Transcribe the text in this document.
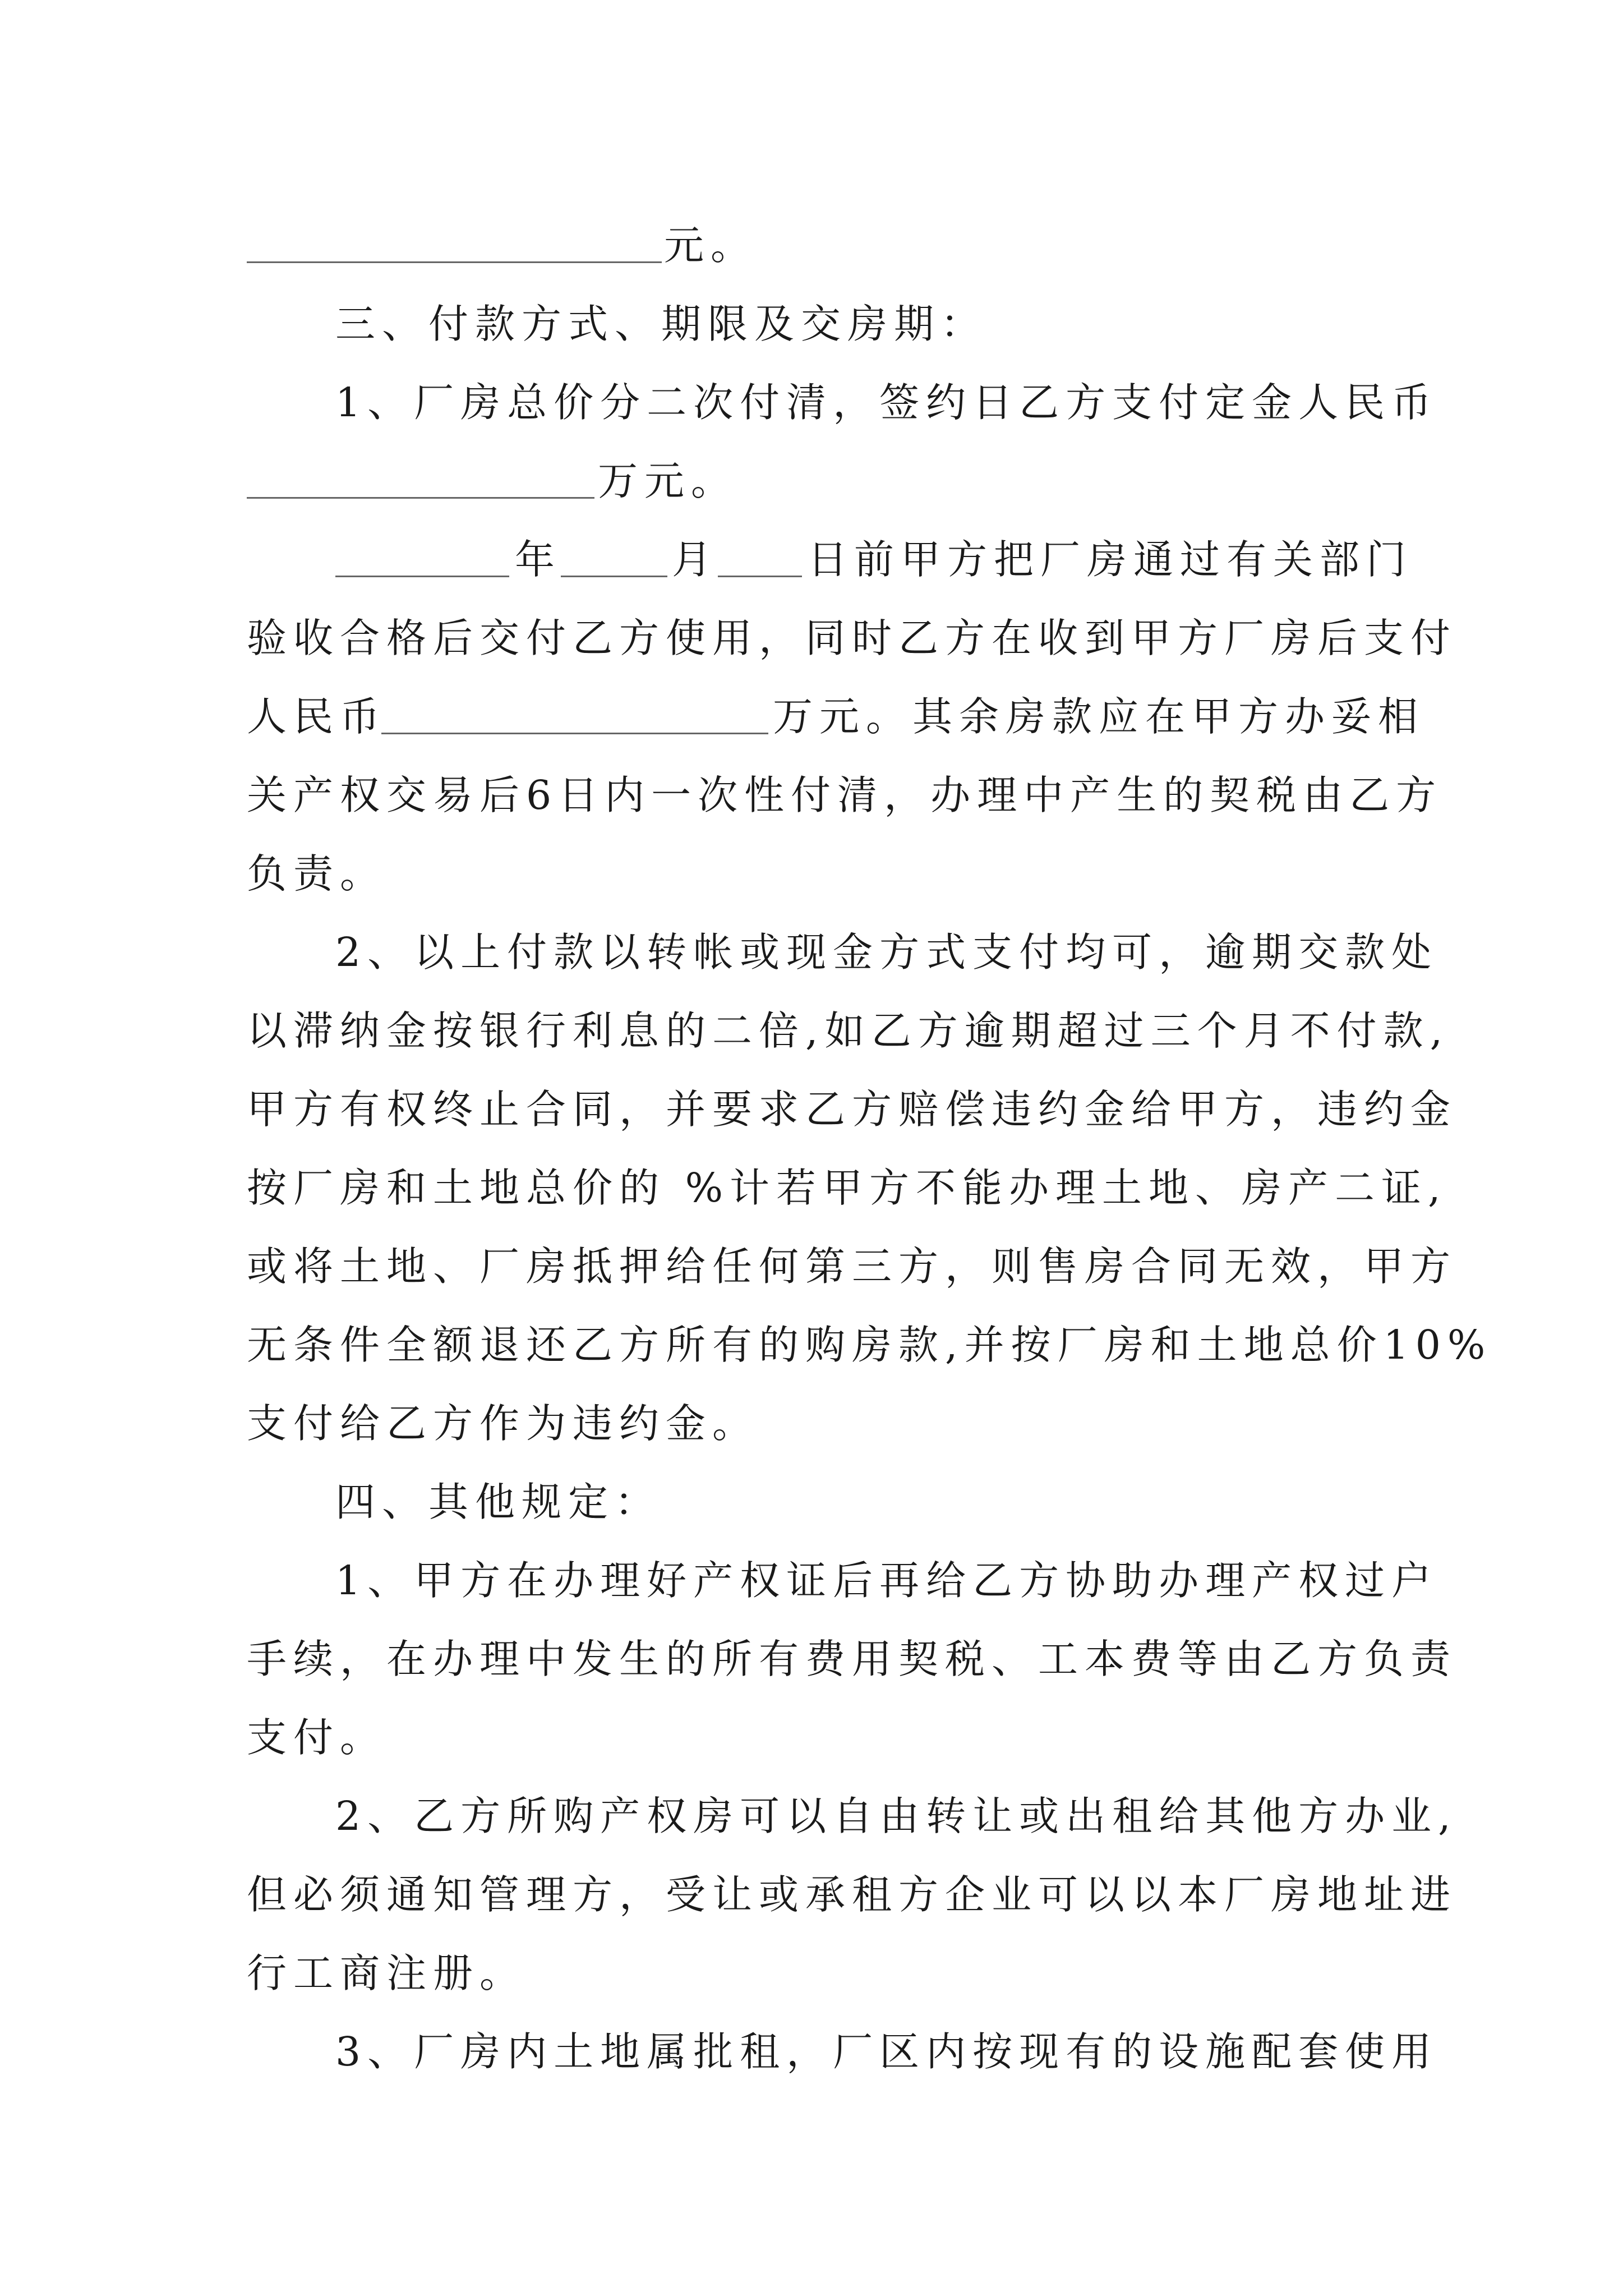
元。
三、付款方式、期限及交房期：
1、厂房总价分二次付清，签约日乙方支付定金人民币
万元。
年	月 日前甲方把厂房通过有关部门
验收合格后交付乙方使用，同时乙方在收到甲方厂房后支付
人民币	万元。其余房款应在甲方办妥相
关产权交易后6日内一次性付清，办理中产生的契税由乙方
负责。
2、以上付款以转帐或现金方式支付均可，逾期交款处
以滞纳金按银行利息的二倍,如乙方逾期超过三个月不付款,
甲方有权终止合同，并要求乙方赔偿违约金给甲方，违约金
按厂房和土地总价的 %计若甲方不能办理土地、房产二证,
或将土地、厂房抵押给任何第三方，则售房合同无效，甲方
无条件全额退还乙方所有的购房款,并按厂房和土地总价10%
支付给乙方作为违约金。
四、其他规定：
1、甲方在办理好产权证后再给乙方协助办理产权过户
手续，在办理中发生的所有费用契税、工本费等由乙方负责
支付。
2、乙方所购产权房可以自由转让或出租给其他方办业,
但必须通知管理方，受让或承租方企业可以以本厂房地址进
行工商注册。
3、厂房内土地属批租，厂区内按现有的设施配套使用
